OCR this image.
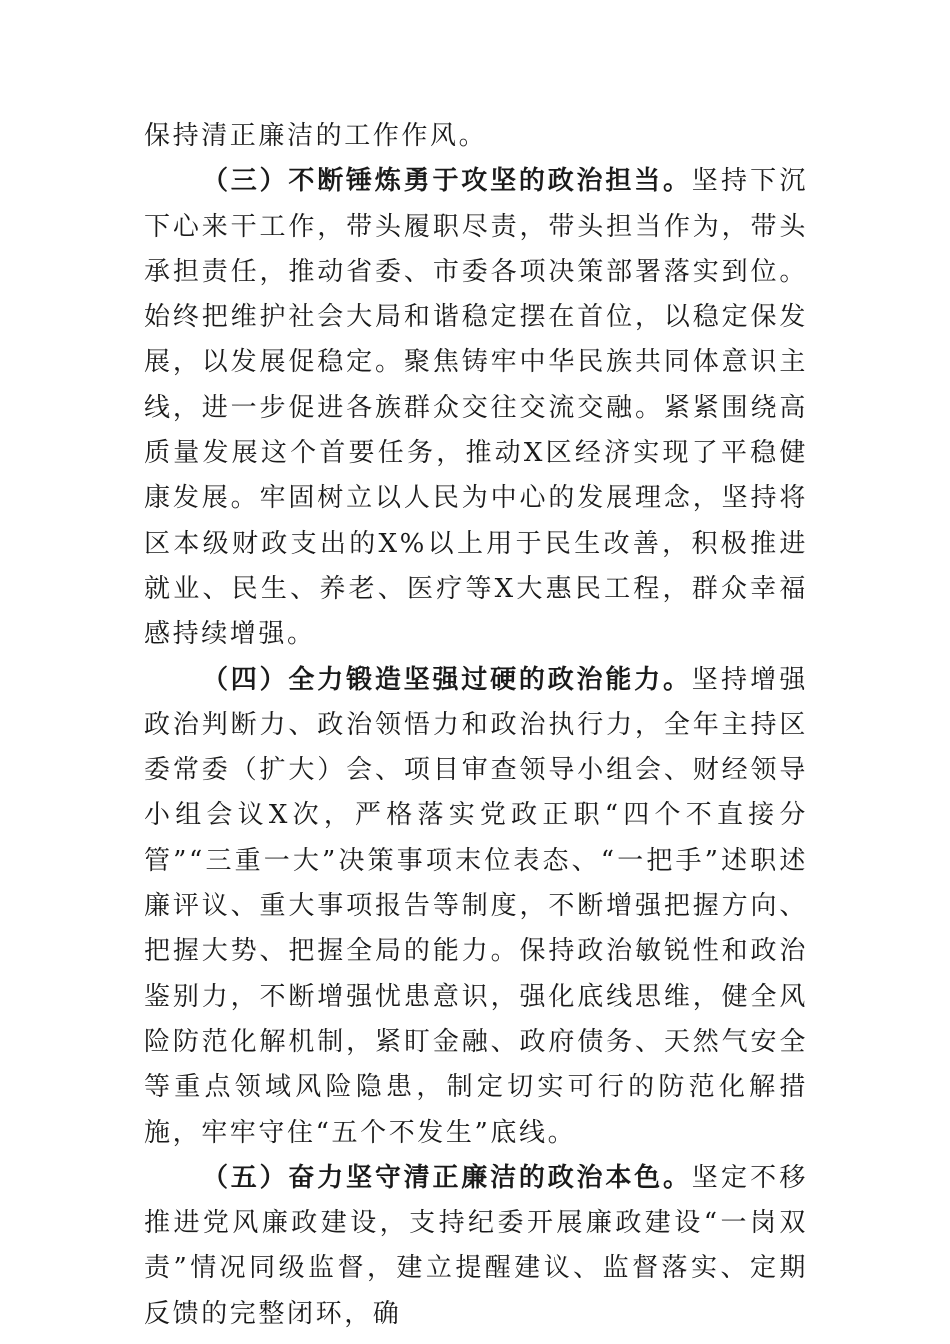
保持清正廉洁的工作作风。

（三）不断锤炼勇于攻坚的政治担当。坚持下沉下心来干工作，带头履职尽责，带头担当作为，带头承担责任，推动省委、市委各项决策部署落实到位。始终把维护社会大局和谐稳定摆在首位，以稳定保发展，以发展促稳定。聚焦铸牢中华民族共同体意识主线，进一步促进各族群众交往交流交融。紧紧围绕高质量发展这个首要任务，推动X区经济实现了平稳健康发展。牢固树立以人民为中心的发展理念，坚持将区本级财政支出的X%以上用于民生改善，积极推进就业、民生、养老、医疗等X大惠民工程，群众幸福感持续增强。

（四）全力锻造坚强过硬的政治能力。坚持增强政治判断力、政治领悟力和政治执行力，全年主持区委常委（扩大）会、项目审查领导小组会、财经领导小组会议X次，严格落实党政正职“四个不直接分管”“三重一大”决策事项末位表态、“一把手”述职述廉评议、重大事项报告等制度，不断增强把握方向、把握大势、把握全局的能力。保持政治敏锐性和政治鉴别力，不断增强忧患意识，强化底线思维，健全风险防范化解机制，紧盯金融、政府债务、天然气安全等重点领域风险隐患，制定切实可行的防范化解措施，牢牢守住“五个不发生”底线。

（五）奋力坚守清正廉洁的政治本色。坚定不移推进党风廉政建设，支持纪委开展廉政建设“一岗双责”情况同级监督，建立提醒建议、监督落实、定期反馈的完整闭环，确
